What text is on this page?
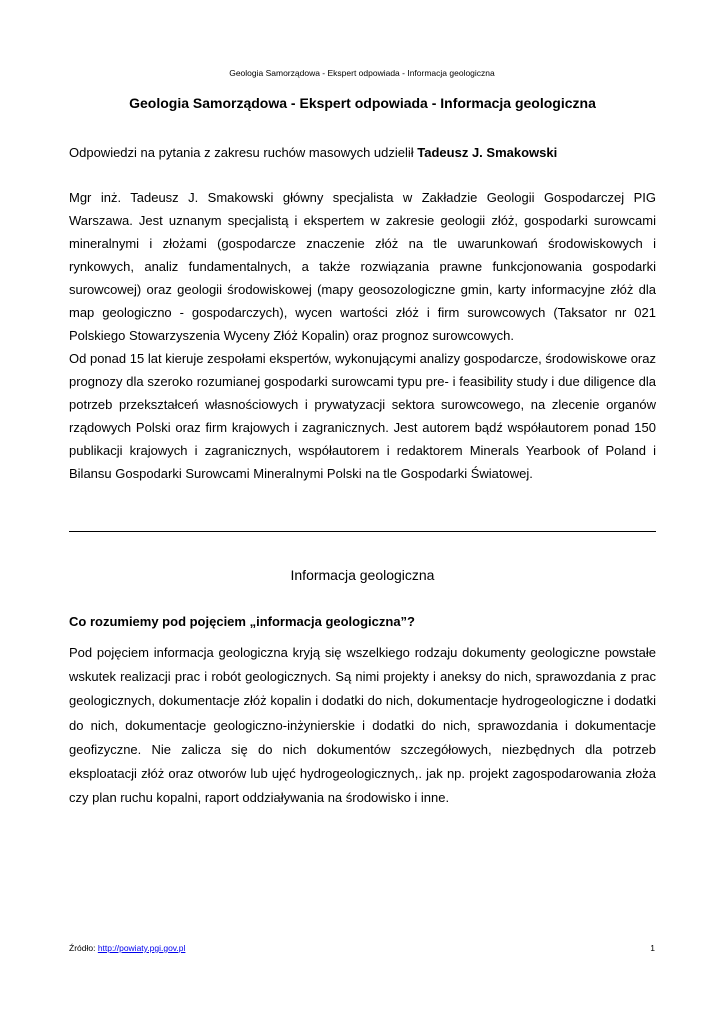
Geologia Samorządowa - Ekspert odpowiada - Informacja geologiczna
Geologia Samorządowa - Ekspert odpowiada - Informacja geologiczna
Odpowiedzi na pytania z zakresu ruchów masowych udzielił Tadeusz J. Smakowski

Mgr inż. Tadeusz J. Smakowski główny specjalista w Zakładzie Geologii Gospodarczej PIG Warszawa. Jest uznanym specjalistą i ekspertem w zakresie geologii złóż, gospodarki surowcami mineralnymi i złożami (gospodarcze znaczenie złóż na tle uwarunkowań środowiskowych i rynkowych, analiz fundamentalnych, a także rozwiązania prawne funkcjonowania gospodarki surowcowej) oraz geologii środowiskowej (mapy geosozologiczne gmin, karty informacyjne złóż dla map geologiczno - gospodarczych), wycen wartości złóż i firm surowcowych (Taksator nr 021 Polskiego Stowarzyszenia Wyceny Złóż Kopalin) oraz prognoz surowcowych.

Od ponad 15 lat kieruje zespołami ekspertów, wykonującymi analizy gospodarcze, środowiskowe oraz prognozy dla szeroko rozumianej gospodarki surowcami typu pre- i feasibility study i due diligence dla potrzeb przekształceń własnościowych i prywatyzacji sektora surowcowego, na zlecenie organów rządowych Polski oraz firm krajowych i zagranicznych. Jest autorem bądź współautorem ponad 150 publikacji krajowych i zagranicznych, współautorem i redaktorem Minerals Yearbook of Poland i Bilansu Gospodarki Surowcami Mineralnymi Polski na tle Gospodarki Światowej.

Informacja geologiczna
Co rozumiemy pod pojęciem „informacja geologiczna”?

Pod pojęciem informacja geologiczna kryją się wszelkiego rodzaju dokumenty geologiczne powstałe wskutek realizacji prac i robót geologicznych. Są nimi projekty i aneksy do nich, sprawozdania z prac geologicznych, dokumentacje złóż kopalin i dodatki do nich, dokumentacje hydrogeologiczne i dodatki do nich, dokumentacje geologiczno-inżynierskie i dodatki do nich, sprawozdania i dokumentacje geofizyczne. Nie zalicza się do nich dokumentów szczegółowych, niezbędnych dla potrzeb eksploatacji złóż oraz otworów lub ujęć hydrogeologicznych,. jak np. projekt zagospodarowania złoża czy plan ruchu kopalni, raport oddziaływania na środowisko i inne.

Źródło: http://powiaty.pgi.gov.pl	1
